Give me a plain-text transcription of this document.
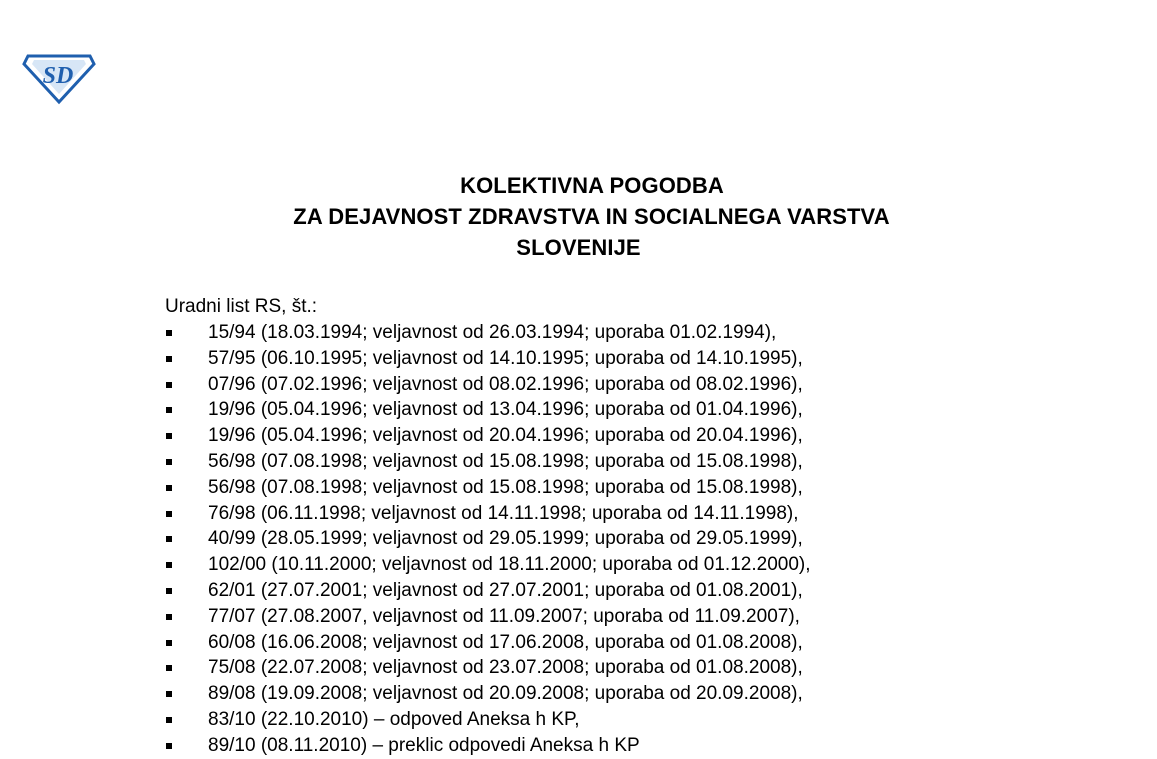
SD
KOLEKTIVNA POGODBA
ZA DEJAVNOST ZDRAVSTVA IN SOCIALNEGA VARSTVA
SLOVENIJE
Uradni list RS, št.:
15/94 (18.03.1994; veljavnost od 26.03.1994; uporaba 01.02.1994),
57/95 (06.10.1995; veljavnost od 14.10.1995; uporaba od 14.10.1995),
07/96 (07.02.1996; veljavnost od 08.02.1996; uporaba od 08.02.1996),
19/96 (05.04.1996; veljavnost od 13.04.1996; uporaba od 01.04.1996),
19/96 (05.04.1996; veljavnost od 20.04.1996; uporaba od 20.04.1996),
56/98 (07.08.1998; veljavnost od 15.08.1998; uporaba od 15.08.1998),
56/98 (07.08.1998; veljavnost od 15.08.1998; uporaba od 15.08.1998),
76/98 (06.11.1998; veljavnost od 14.11.1998; uporaba od 14.11.1998),
40/99 (28.05.1999; veljavnost od 29.05.1999; uporaba od 29.05.1999),
102/00 (10.11.2000; veljavnost od 18.11.2000; uporaba od 01.12.2000),
62/01 (27.07.2001; veljavnost od 27.07.2001; uporaba od 01.08.2001),
77/07 (27.08.2007, veljavnost od 11.09.2007; uporaba od 11.09.2007),
60/08 (16.06.2008; veljavnost od 17.06.2008, uporaba od 01.08.2008),
75/08 (22.07.2008; veljavnost od 23.07.2008; uporaba od 01.08.2008),
89/08 (19.09.2008; veljavnost od 20.09.2008; uporaba od 20.09.2008),
83/10 (22.10.2010) – odpoved Aneksa h KP,
89/10 (08.11.2010) – preklic odpovedi Aneksa h KP
